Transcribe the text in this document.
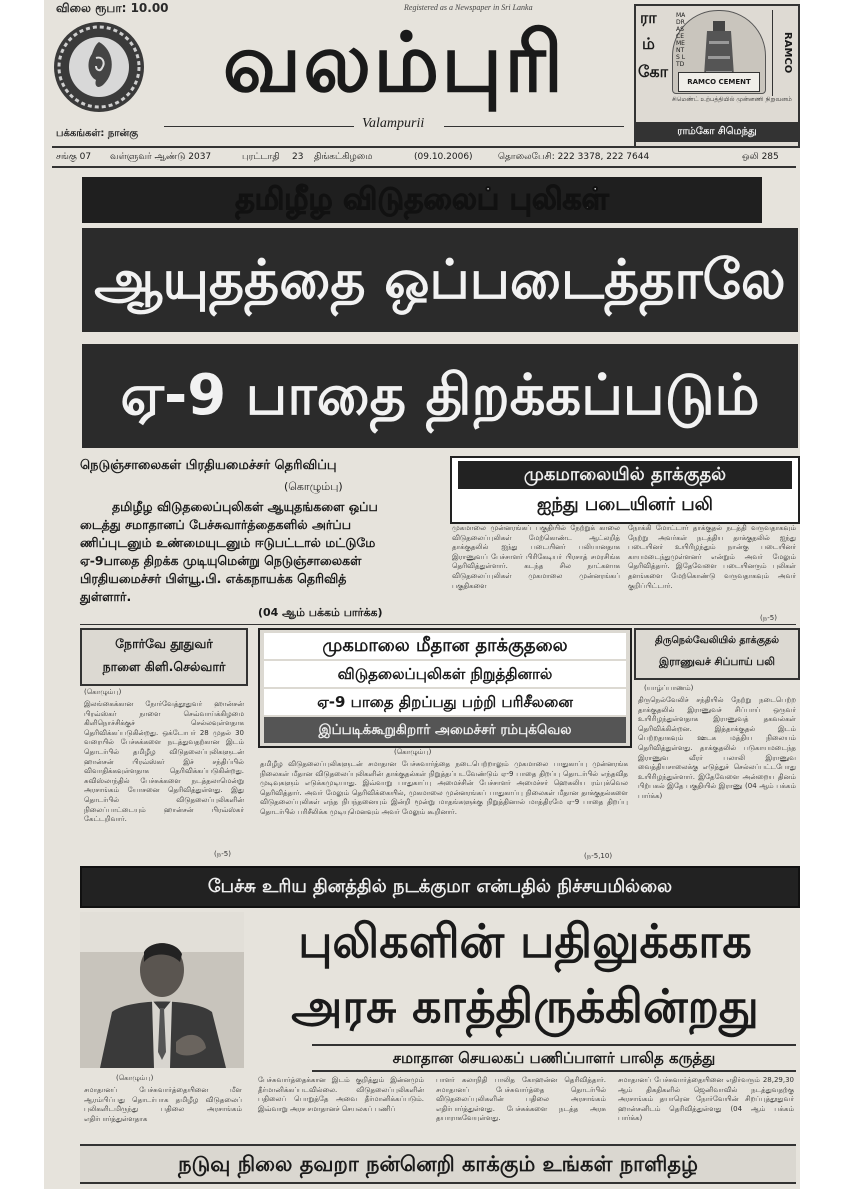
விலை ரூபா: 10.00	Registered as a Newspaper in Sri Lanka
வலம்புரி
Valampurii
பக்கங்கள்: நான்கு
ரா
ம்
கோ
MADRAS CEMENTS LTD
RAMCO CEMENT
RAMCO
சிமெண்ட் உற்பத்தியில் முன்னணி நிறுவனம்
ராம்கோ சிமெந்து
சங்கு 07 வள்ளுவர் ஆண்டு 2037	புரட்டாதி 23 திங்கட்கிழமை	(09.10.2006)	தொலைபேசி: 222 3378, 222 7644	ஒலி 285
தமிழீழ விடுதலைப் புலிகள்
ஆயுதத்தை ஒப்படைத்தாலே
ஏ-9 பாதை திறக்கப்படும்
நெடுஞ்சாலைகள் பிரதியமைச்சர் தெரிவிப்பு
(கொழும்பு)
தமிழீழ விடுதலைப்புலிகள் ஆயுதங்களை ஒப்ப
டைத்து சமாதானப் பேச்சுவார்த்தைகளில் அர்ப்ப
ணிப்புடனும் உண்மையுடனும் ஈடுபட்டால் மட்டுமே
ஏ-9பாதை திறக்க முடியுமென்று நெடுஞ்சாலைகள்
பிரதியமைச்சர் பிள்யூ.பி. எக்கநாயக்க தெரிவித்
துள்ளார்.
(04 ஆம் பக்கம் பார்க்க)
முகமாலையில் தாக்குதல்
ஐந்து படையினர் பலி
முகமாலை முன்னரங்கப் பகுதியில் நேற்றுக் காலை விடுதலைப்புலிகள் மேற்கொண்ட ஆட்லறித் தாக்குதலில் ஐந்து படையினர் பலியானதாக இராணுவப் பேச்சாளர் பிரிகேடியர் பிரசாத் சமரசிங்க தெரிவித்துள்ளார். கடந்த சில நாட்களாக விடுதலைப்புலிகள் முகமாலை முன்னரங்கப் பகுதிகளை
நோக்கி மோட்டார் தாக்குதல் நடத்தி வருவதாகவும் நேற்று அவர்கள் நடத்திய தாக்குதலில் ஐந்து படையினர் உயிரிழந்தும் நான்கு படையினர் காயமடைந்துமுள்ளனர் என்றும் அவர் மேலும் தெரிவித்தார். இதேவேளை படையினரும் புலிகள் தளங்களை மேற்கொண்டு வருவதாகவும் அவர் குறிப்பிட்டார்.
(ந-5)
நோர்வே தூதுவர்
நாளை கிளி.செல்வார்
(கொழும்பு)
இலங்கைக்கான நோர்வேத்தூதுவர் ஹான்சன் பிரவ்ஸ்கர் நாளை செவ்வாய்க்கிழமை கிளிநொச்சிக்குச் செல்லவுள்ளதாக தெரிவிக்கப்படுகின்றது. ஒக்டோபர் 28 முதல் 30 வரையில் பேச்சுக்களை நடத்துவதற்கான இடம் தொடர்பில் தமிழீழ விடுதலைப்புலிகளுடன் ஹான்சன் பிரவ்ஸ்கர் இச் சந்திப்பில் விவாதிக்கவுள்ளதாக தெரிவிக்கப்படுகின்றது. சுவிஸ்லாந்தில் பேச்சுக்களை நடத்தலாமென்று அரசாங்கம் யோசனை தெரிவித்துள்ளது. இது தொடர்பில் விடுதலைப்புலிகளின் நிலைப்பாட்டையும் ஹான்சன் பிரவ்ஸ்கர் கேட்டறிவார்.
(ந-5)
முகமாலை மீதான தாக்குதலை
விடுதலைப்புலிகள் நிறுத்தினால்
ஏ-9 பாதை திறப்பது பற்றி பரிசீலனை
இப்படிக்கூறுகிறார் அமைச்சர் ரம்புக்வெல
(கொழும்பு)
தமிழீழ விடுதலைப்புலிகளுடன் சமாதான பேச்சுவார்த்தை நடைபெற்றாலும் முகமாலை பாதுகாப்பு முன்னரங்க நிலைகள் மீதான விடுதலைப்புலிகளின் தாக்குதல்கள் நிறுத்தப்படவேண்டும் ஏ-9 பாதை திறப்பு தொடர்பில் எந்தவித முடிவுகளும் எடுக்கமுடியாது. இவ்வாறு பாதுகாப்பு அமைச்சின் பேச்சாளர் அமைச்சர் ஹெகலிய ரம்புக்வெல தெரிவித்தார். அவர் மேலும் தெரிவிக்கையில், முகமாலை முன்னரங்கப் பாதுகாப்பு நிலைகள் மீதான தாக்குதல்களை விடுதலைப்புலிகள் எந்த நிபந்தனையும் இன்றி மூன்று மாதங்களுக்கு நிறுத்தினால் மாத்திரமே ஏ-9 பாதை திறப்பு தொடர்பில் பரிசீலிக்க முடியுமெனவும் அவர் மேலும் கூறினார்.
(ந-5,10)
திருநெல்வேலியில் தாக்குதல்
இராணுவச் சிப்பாய் பலி
(யாழ்ப்பாணம்)
திருநெல்வேலிச் சந்தியில் நேற்று நடைபெற்ற தாக்குதலில் இராணுவச் சிப்பாய் ஒருவர் உயிரிழந்துள்ளதாக இராணுவத் தகவல்கள் தெரிவிக்கின்றன. இத்தாக்குதல் இடம் பெற்றதாகவும் ஊடக மத்திய நிலையம் தெரிவித்துள்ளது. தாக்குதலில் படுகாயமடைந்த இராணுவ வீரர் பலாலி இராணுவ வைத்தியசாலைக்கு எடுத்துச் செல்லப்பட்டபோது உயிரிழந்துள்ளார். இதேவேளை அன்றைய தினம் பிற்பகல் இதே பகுதியில் இராணு (04 ஆம் பக்கம் பார்க்க)
பேச்சு உரிய தினத்தில் நடக்குமா என்பதில் நிச்சயமில்லை
புலிகளின் பதிலுக்காக
அரசு காத்திருக்கின்றது
சமாதான செயலகப் பணிப்பாளர் பாலித கருத்து
(கொழும்பு)
சமாதானப் பேச்சுவார்த்தையினை மீள ஆரம்பிப்பது தொடர்பாக தமிழீழ விடுதலைப் புலிகளிடமிருந்து பதிலை அரசாங்கம் எதிர்பார்த்துள்ளதாக
பேச்சுவார்த்தைக்கான இடம் குறித்தும் இன்னமும் தீர்மானிக்கப்படவில்லை. விடுதலைப்புலிகளின் பதிலைப் பொறுத்தே அவை தீர்மானிக்கப்படும். இவ்வாறு அரச சமாதானச் செயலகப் பணிப்
பாளர் கலாநிதி பாலித கோஹன்ன தெரிவித்தார். சமாதானப் பேச்சுவார்த்தை தொடர்பில் விடுதலைப்புலிகளின் பதிலை அரசாங்கம் எதிர்பார்த்துள்ளது. பேச்சுக்களை நடத்த அரசு தயாராகவேயுள்ளது.
சமாதானப் பேச்சுவார்த்தையினை எதிர்வரும் 28,29,30 ஆம் திகதிகளில் ஜெனிவாவில் நடத்துவதற்கு அரசாங்கம் தயாரென நோர்வேயின் சிறப்புத்தூதுவர் ஹான்சனிடம் தெரிவித்துள்ளது (04 ஆம் பக்கம் பார்க்க)
நடுவு நிலை தவறா நன்னெறி காக்கும் உங்கள் நாளிதழ்
